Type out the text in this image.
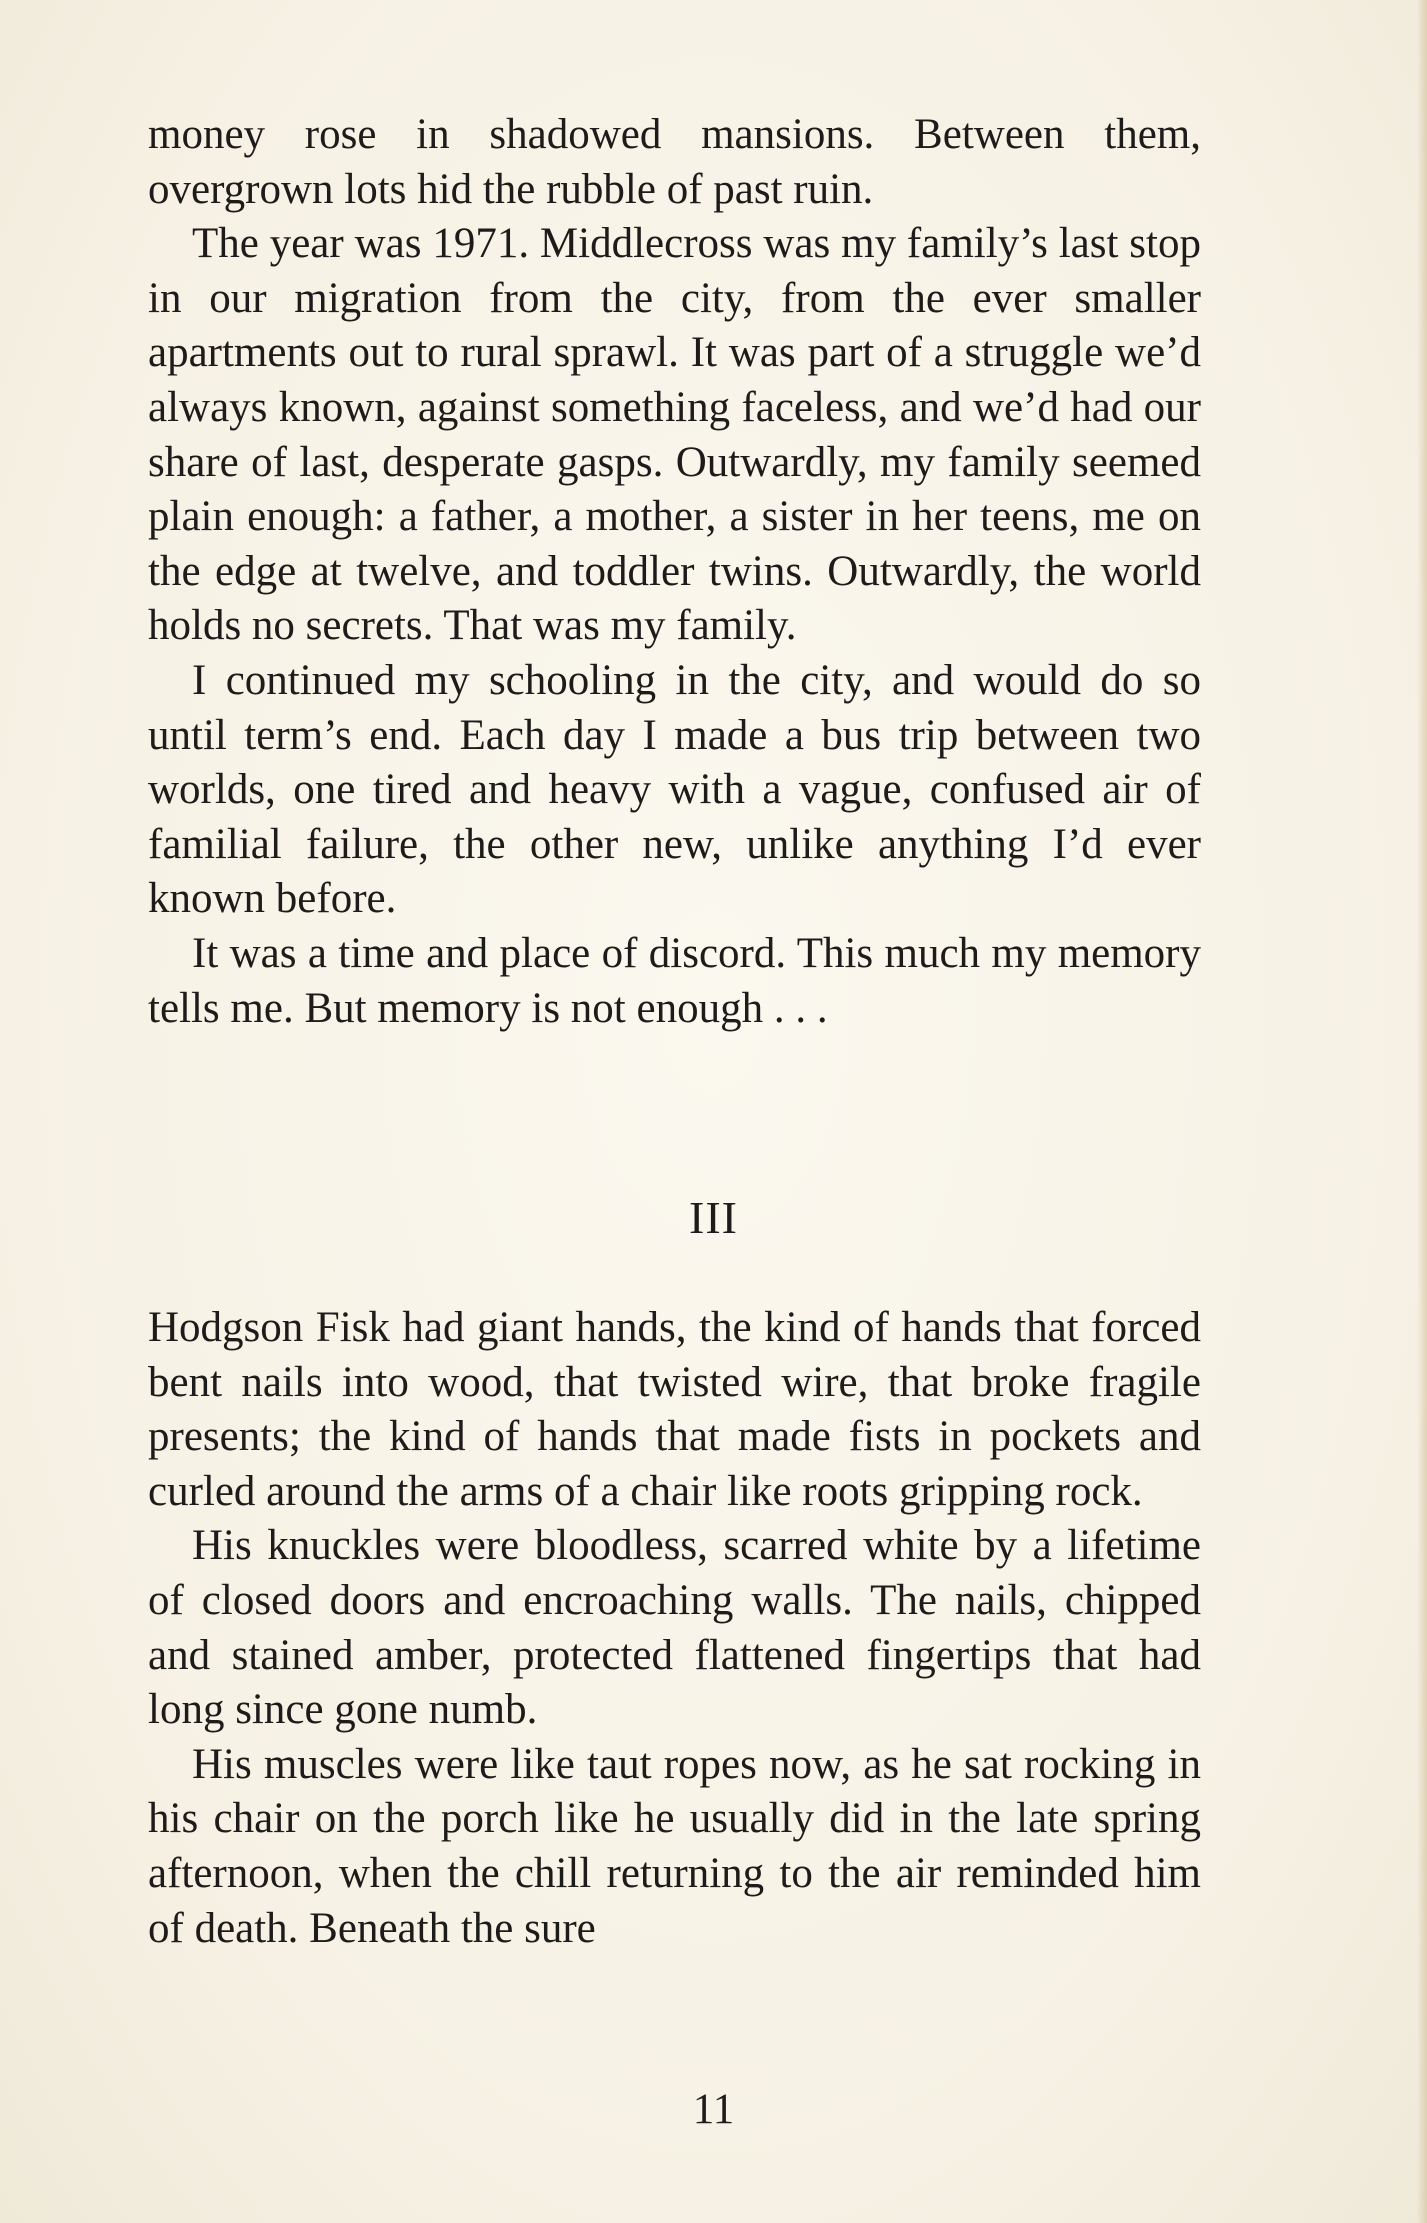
money rose in shadowed mansions. Between them, overgrown lots hid the rubble of past ruin.

The year was 1971. Middlecross was my family’s last stop in our migration from the city, from the ever smaller apartments out to rural sprawl. It was part of a struggle we’d always known, against something faceless, and we’d had our share of last, desperate gasps. Outwardly, my family seemed plain enough: a father, a mother, a sister in her teens, me on the edge at twelve, and toddler twins. Outwardly, the world holds no secrets. That was my family.

I continued my schooling in the city, and would do so until term’s end. Each day I made a bus trip between two worlds, one tired and heavy with a vague, confused air of familial failure, the other new, unlike anything I’d ever known before.

It was a time and place of discord. This much my memory tells me. But memory is not enough . . .

III

Hodgson Fisk had giant hands, the kind of hands that forced bent nails into wood, that twisted wire, that broke fragile presents; the kind of hands that made fists in pockets and curled around the arms of a chair like roots gripping rock.

His knuckles were bloodless, scarred white by a lifetime of closed doors and encroaching walls. The nails, chipped and stained amber, protected flattened fingertips that had long since gone numb.

His muscles were like taut ropes now, as he sat rocking in his chair on the porch like he usually did in the late spring afternoon, when the chill returning to the air reminded him of death. Beneath the sure

11
